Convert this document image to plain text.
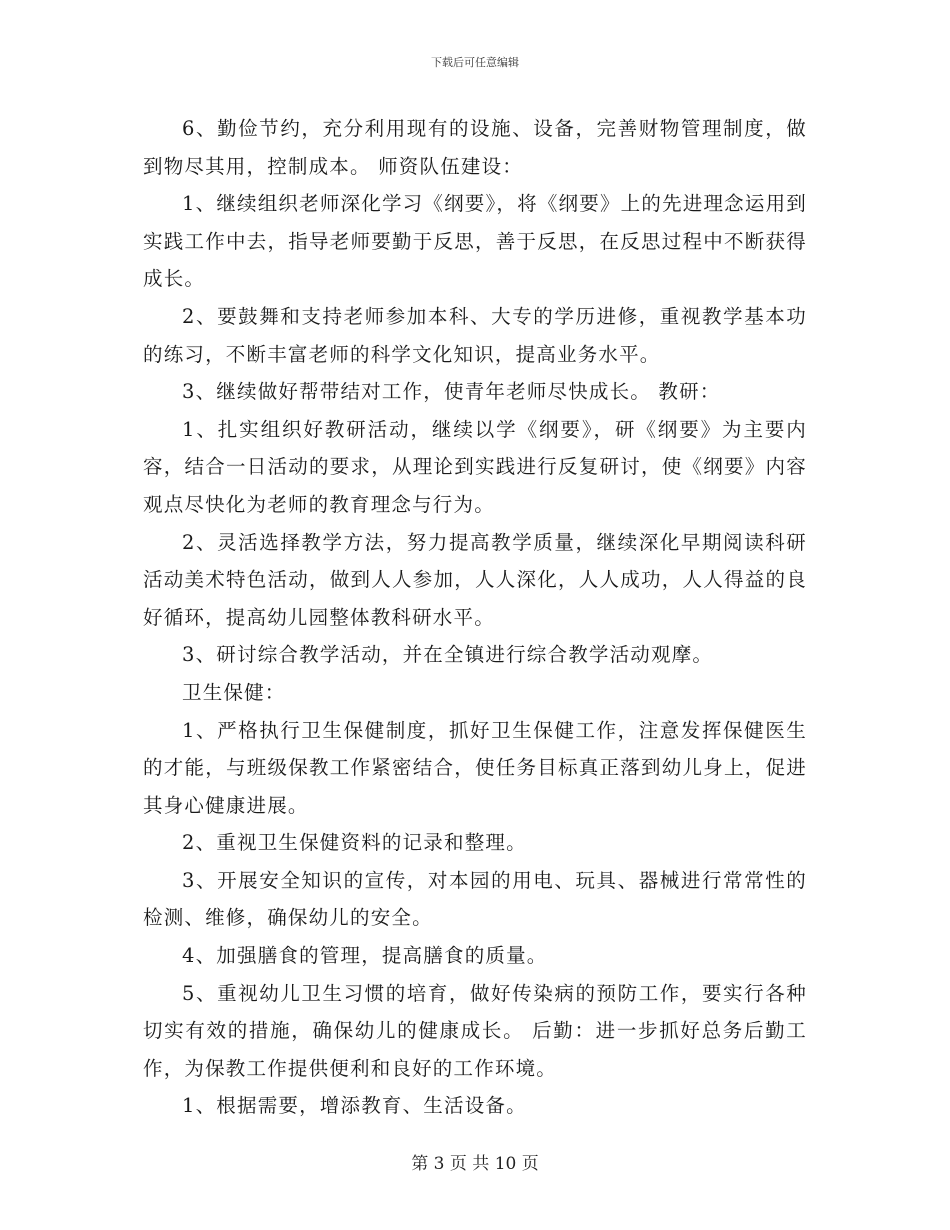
下载后可任意编辑

6、勤俭节约，充分利用现有的设施、设备，完善财物管理制度，做到物尽其用，控制成本。 师资队伍建设：

1、继续组织老师深化学习《纲要》，将《纲要》上的先进理念运用到实践工作中去，指导老师要勤于反思，善于反思，在反思过程中不断获得成长。

2、要鼓舞和支持老师参加本科、大专的学历进修，重视教学基本功的练习，不断丰富老师的科学文化知识，提高业务水平。

3、继续做好帮带结对工作，使青年老师尽快成长。 教研：

1、扎实组织好教研活动，继续以学《纲要》，研《纲要》为主要内容，结合一日活动的要求，从理论到实践进行反复研讨，使《纲要》内容观点尽快化为老师的教育理念与行为。

2、灵活选择教学方法，努力提高教学质量，继续深化早期阅读科研活动美术特色活动，做到人人参加，人人深化，人人成功，人人得益的良好循环，提高幼儿园整体教科研水平。

3、研讨综合教学活动，并在全镇进行综合教学活动观摩。

卫生保健：

1、严格执行卫生保健制度，抓好卫生保健工作，注意发挥保健医生的才能，与班级保教工作紧密结合，使任务目标真正落到幼儿身上，促进其身心健康进展。

2、重视卫生保健资料的记录和整理。

3、开展安全知识的宣传，对本园的用电、玩具、器械进行常常性的检测、维修，确保幼儿的安全。

4、加强膳食的管理，提高膳食的质量。

5、重视幼儿卫生习惯的培育，做好传染病的预防工作，要实行各种切实有效的措施，确保幼儿的健康成长。 后勤：进一步抓好总务后勤工作，为保教工作提供便利和良好的工作环境。

1、根据需要，增添教育、生活设备。

第 3 页 共 10 页
